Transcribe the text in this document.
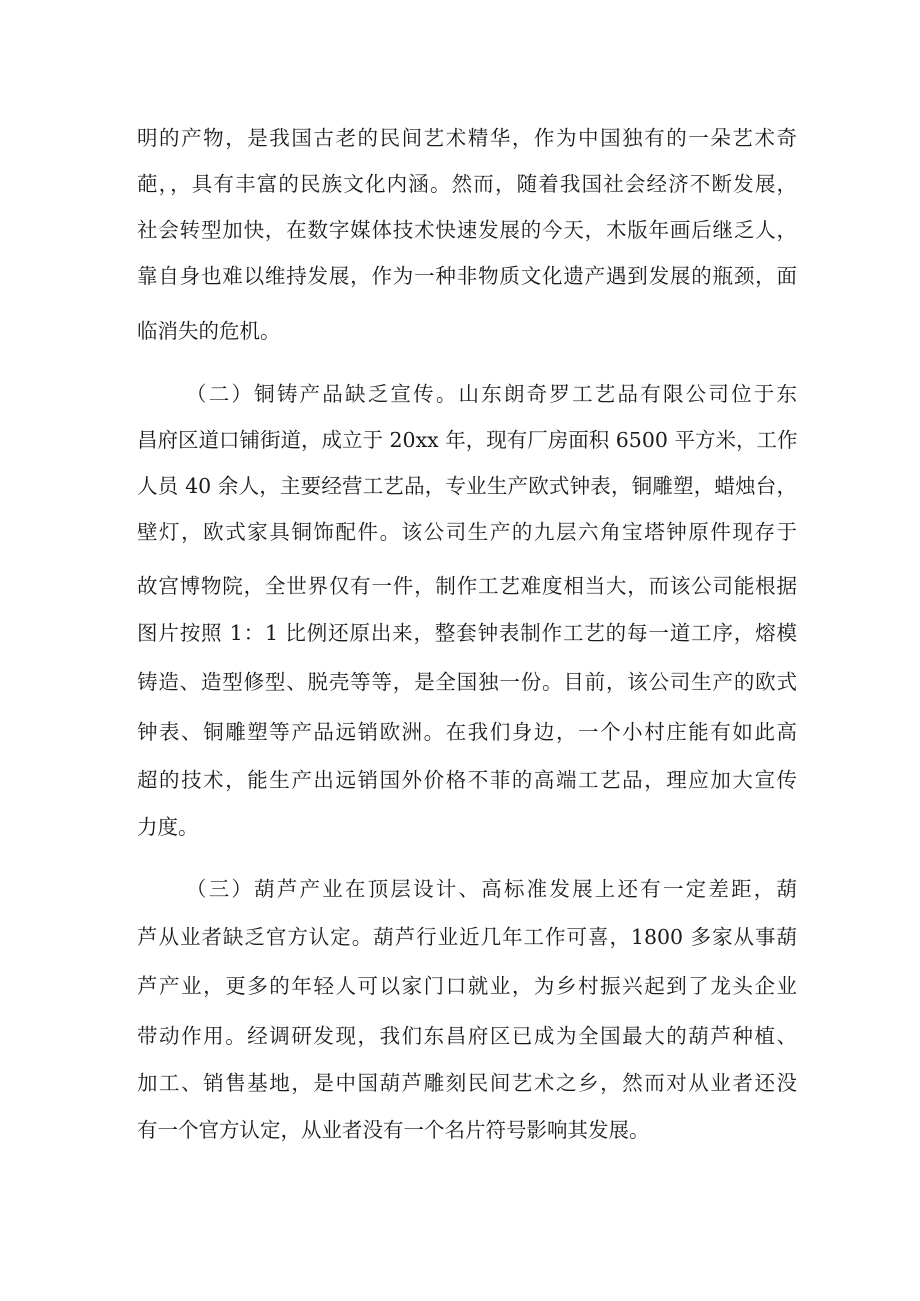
明的产物，是我国古老的民间艺术精华，作为中国独有的一朵艺术奇
葩，，具有丰富的民族文化内涵。然而，随着我国社会经济不断发展，
社会转型加快，在数字媒体技术快速发展的今天，木版年画后继乏人，
靠自身也难以维持发展，作为一种非物质文化遗产遇到发展的瓶颈，面
临消失的危机。
（二）铜铸产品缺乏宣传。山东朗奇罗工艺品有限公司位于东
昌府区道口铺街道，成立于 20xx 年，现有厂房面积 6500 平方米，工作
人员 40 余人，主要经营工艺品，专业生产欧式钟表，铜雕塑，蜡烛台，
壁灯，欧式家具铜饰配件。该公司生产的九层六角宝塔钟原件现存于
故宫博物院，全世界仅有一件，制作工艺难度相当大，而该公司能根据
图片按照 1：1 比例还原出来，整套钟表制作工艺的每一道工序，熔模
铸造、造型修型、脱壳等等，是全国独一份。目前，该公司生产的欧式
钟表、铜雕塑等产品远销欧洲。在我们身边，一个小村庄能有如此高
超的技术，能生产出远销国外价格不菲的高端工艺品，理应加大宣传
力度。
（三）葫芦产业在顶层设计、高标准发展上还有一定差距，葫
芦从业者缺乏官方认定。葫芦行业近几年工作可喜，1800 多家从事葫
芦产业，更多的年轻人可以家门口就业，为乡村振兴起到了龙头企业
带动作用。经调研发现，我们东昌府区已成为全国最大的葫芦种植、
加工、销售基地，是中国葫芦雕刻民间艺术之乡，然而对从业者还没
有一个官方认定，从业者没有一个名片符号影响其发展。
